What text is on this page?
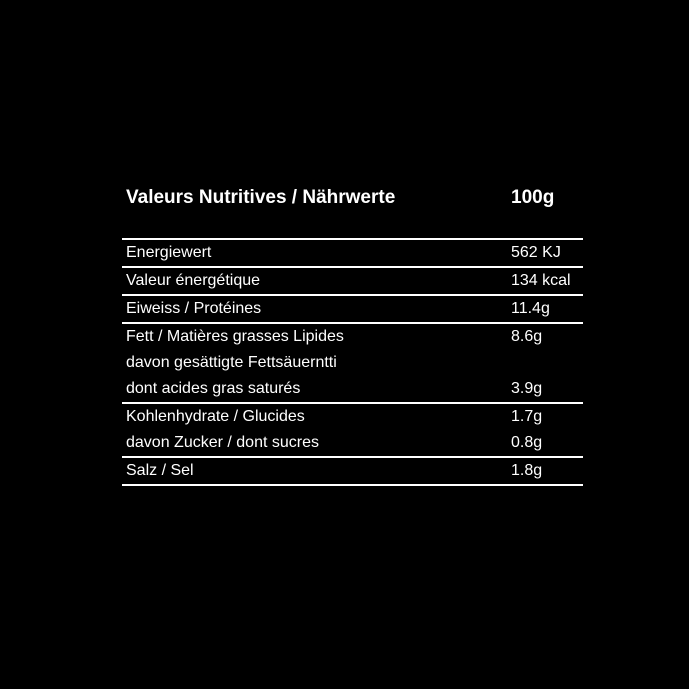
Valeurs Nutritives / Nährwerte	100g
Energiewert	562 KJ
Valeur énergétique	134 kcal
Eiweiss / Protéines	11.4g
Fett / Matières grasses Lipides	8.6g
davon gesättigte Fettsäuerntti
dont acides gras saturés	3.9g
Kohlenhydrate / Glucides	1.7g
davon Zucker / dont sucres	0.8g
Salz / Sel	1.8g
